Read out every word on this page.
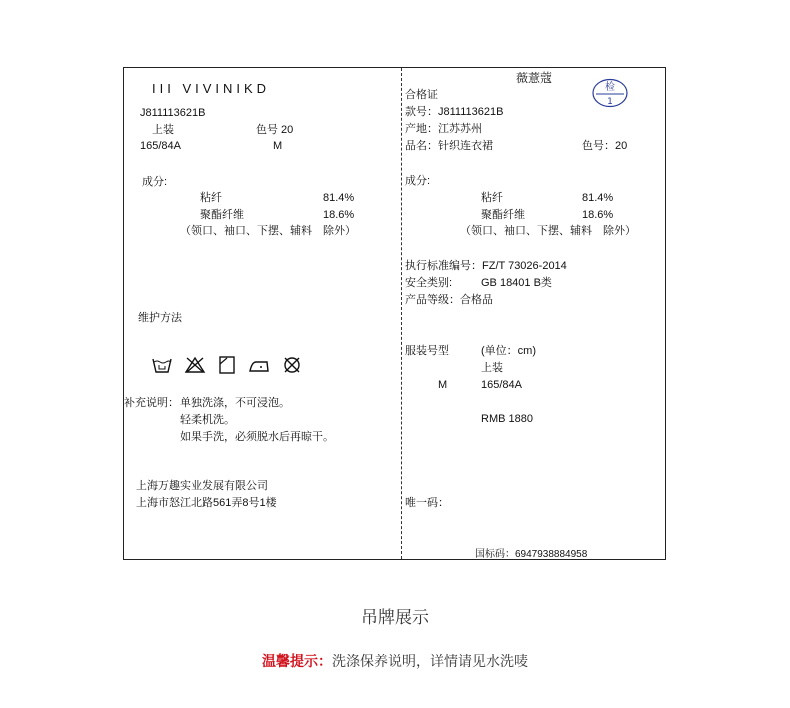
III VIVINIKD
J811113621B
上装	色号 20
165/84A	M
成分:
粘纤	81.4%
聚酯纤维	18.6%
（领口、袖口、下摆、辅料　除外）
维护方法
补充说明： 单独洗涤，不可浸泡。
轻柔机洗。
如果手洗，必须脱水后再晾干。
上海万趣实业发展有限公司
上海市怒江北路561弄8号1楼
薇薏蔻
检
1
合格证
款号：J811113621B
产地：江苏苏州
品名：针织连衣裙	色号：20
成分:
粘纤	81.4%
聚酯纤维	18.6%
（领口、袖口、下摆、辅料　除外）
执行标准编号：FZ/T 73026-2014
安全类别:	GB 18401 B类
产品等级：合格品
服装号型	(单位：cm)
上装
M	165/84A
RMB 1880
唯一码：
国标码：6947938884958
吊牌展示
温馨提示：洗涤保养说明，详情请见水洗唛
